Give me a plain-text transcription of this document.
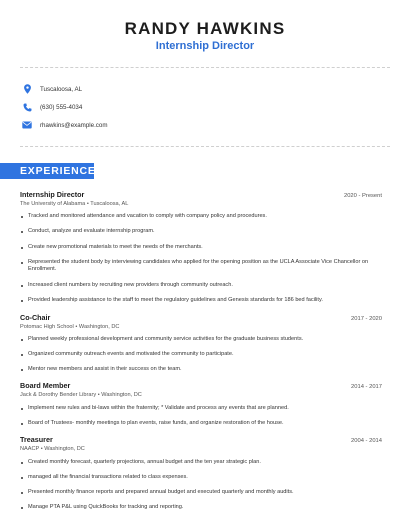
RANDY HAWKINS
Internship Director
Tuscaloosa, AL
(630) 555-4034
rhawkins@example.com
EXPERIENCE
Internship Director	2020 - Present
The University of Alabama • Tuscaloosa, AL
Tracked and monitored attendance and vacation to comply with company policy and procedures.
Conduct, analyze and evaluate internship program.
Create new promotional materials to meet the needs of the merchants.
Represented the student body by interviewing candidates who applied for the opening position as the UCLA Associate Vice Chancellor on Enrollment.
Increased client numbers by recruiting new providers through community outreach.
Provided leadership assistance to the staff to meet the regulatory guidelines and Genesis standards for 186 bed facility.
Co-Chair	2017 - 2020
Potomac High School • Washington, DC
Planned weekly professional development and community service activities for the graduate business students.
Organized community outreach events and motivated the community to participate.
Mentor new members and assist in their success on the team.
Board Member	2014 - 2017
Jack & Dorothy Bender Library • Washington, DC
Implement new rules and bi-laws within the fraternity; * Validate and process any events that are planned.
Board of Trustees- monthly meetings to plan events, raise funds, and organize restoration of the house.
Treasurer	2004 - 2014
NAACP • Washington, DC
Created monthly forecast, quarterly projections, annual budget and the ten year strategic plan.
managed all the financial transactions related to class expenses.
Presented monthly finance reports and prepared annual budget and executed quarterly and monthly audits.
Manage PTA P&L using QuickBooks for tracking and reporting.
